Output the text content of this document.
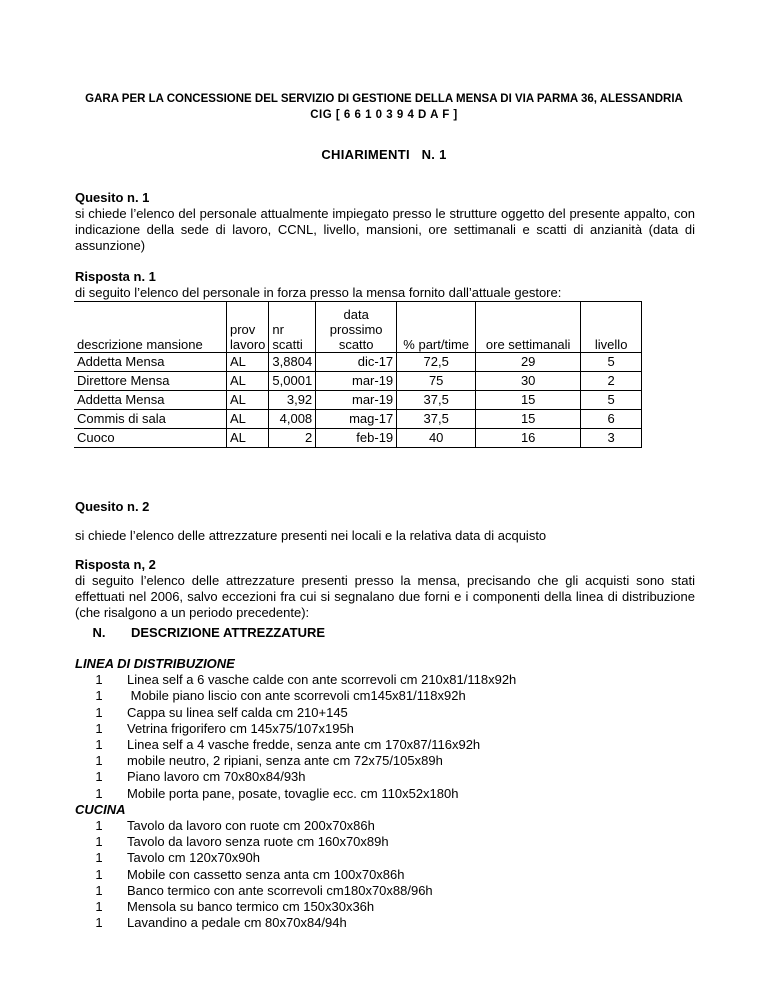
GARA PER LA CONCESSIONE DEL SERVIZIO DI GESTIONE DELLA MENSA DI VIA PARMA 36, ALESSANDRIA
CIG [ 6 6 1 0 3 9 4 D A F ]
CHIARIMENTI   N. 1
Quesito n. 1
si chiede l’elenco del personale attualmente impiegato presso le strutture oggetto del presente appalto, con indicazione della sede di lavoro, CCNL, livello, mansioni, ore settimanali e scatti di anzianità (data di assunzione)
Risposta n. 1
di seguito l’elenco del personale in forza presso la mensa fornito dall’attuale gestore:
descrizione mansione	prov lavoro	nr scatti	data prossimo scatto	% part/time	ore settimanali	livello
Addetta Mensa	AL	3,8804	dic-17	72,5	29	5
Direttore Mensa	AL	5,0001	mar-19	75	30	2
Addetta Mensa	AL	3,92	mar-19	37,5	15	5
Commis di sala	AL	4,008	mag-17	37,5	15	6
Cuoco	AL	2	feb-19	40	16	3
Quesito n. 2
si chiede l’elenco delle attrezzature presenti nei locali e la relativa data di acquisto
Risposta n, 2
di seguito l’elenco delle attrezzature presenti presso la mensa, precisando che gli acquisti sono stati effettuati nel 2006, salvo eccezioni fra cui si segnalano due forni e i componenti della linea di distribuzione (che risalgono a un periodo precedente):
N.	DESCRIZIONE ATTREZZATURE
LINEA DI DISTRIBUZIONE
1	Linea self a 6 vasche calde con ante scorrevoli cm 210x81/118x92h
1	Mobile piano liscio con ante scorrevoli cm145x81/118x92h
1	Cappa su linea self calda cm 210+145
1	Vetrina frigorifero cm 145x75/107x195h
1	Linea self a 4 vasche fredde, senza ante cm 170x87/116x92h
1	mobile neutro, 2 ripiani, senza ante cm 72x75/105x89h
1	Piano lavoro cm 70x80x84/93h
1	Mobile porta pane, posate, tovaglie ecc. cm 110x52x180h
CUCINA
1	Tavolo da lavoro con ruote cm 200x70x86h
1	Tavolo da lavoro senza ruote cm 160x70x89h
1	Tavolo cm 120x70x90h
1	Mobile con cassetto senza anta cm 100x70x86h
1	Banco termico con ante scorrevoli cm180x70x88/96h
1	Mensola su banco termico cm 150x30x36h
1	Lavandino a pedale cm 80x70x84/94h
